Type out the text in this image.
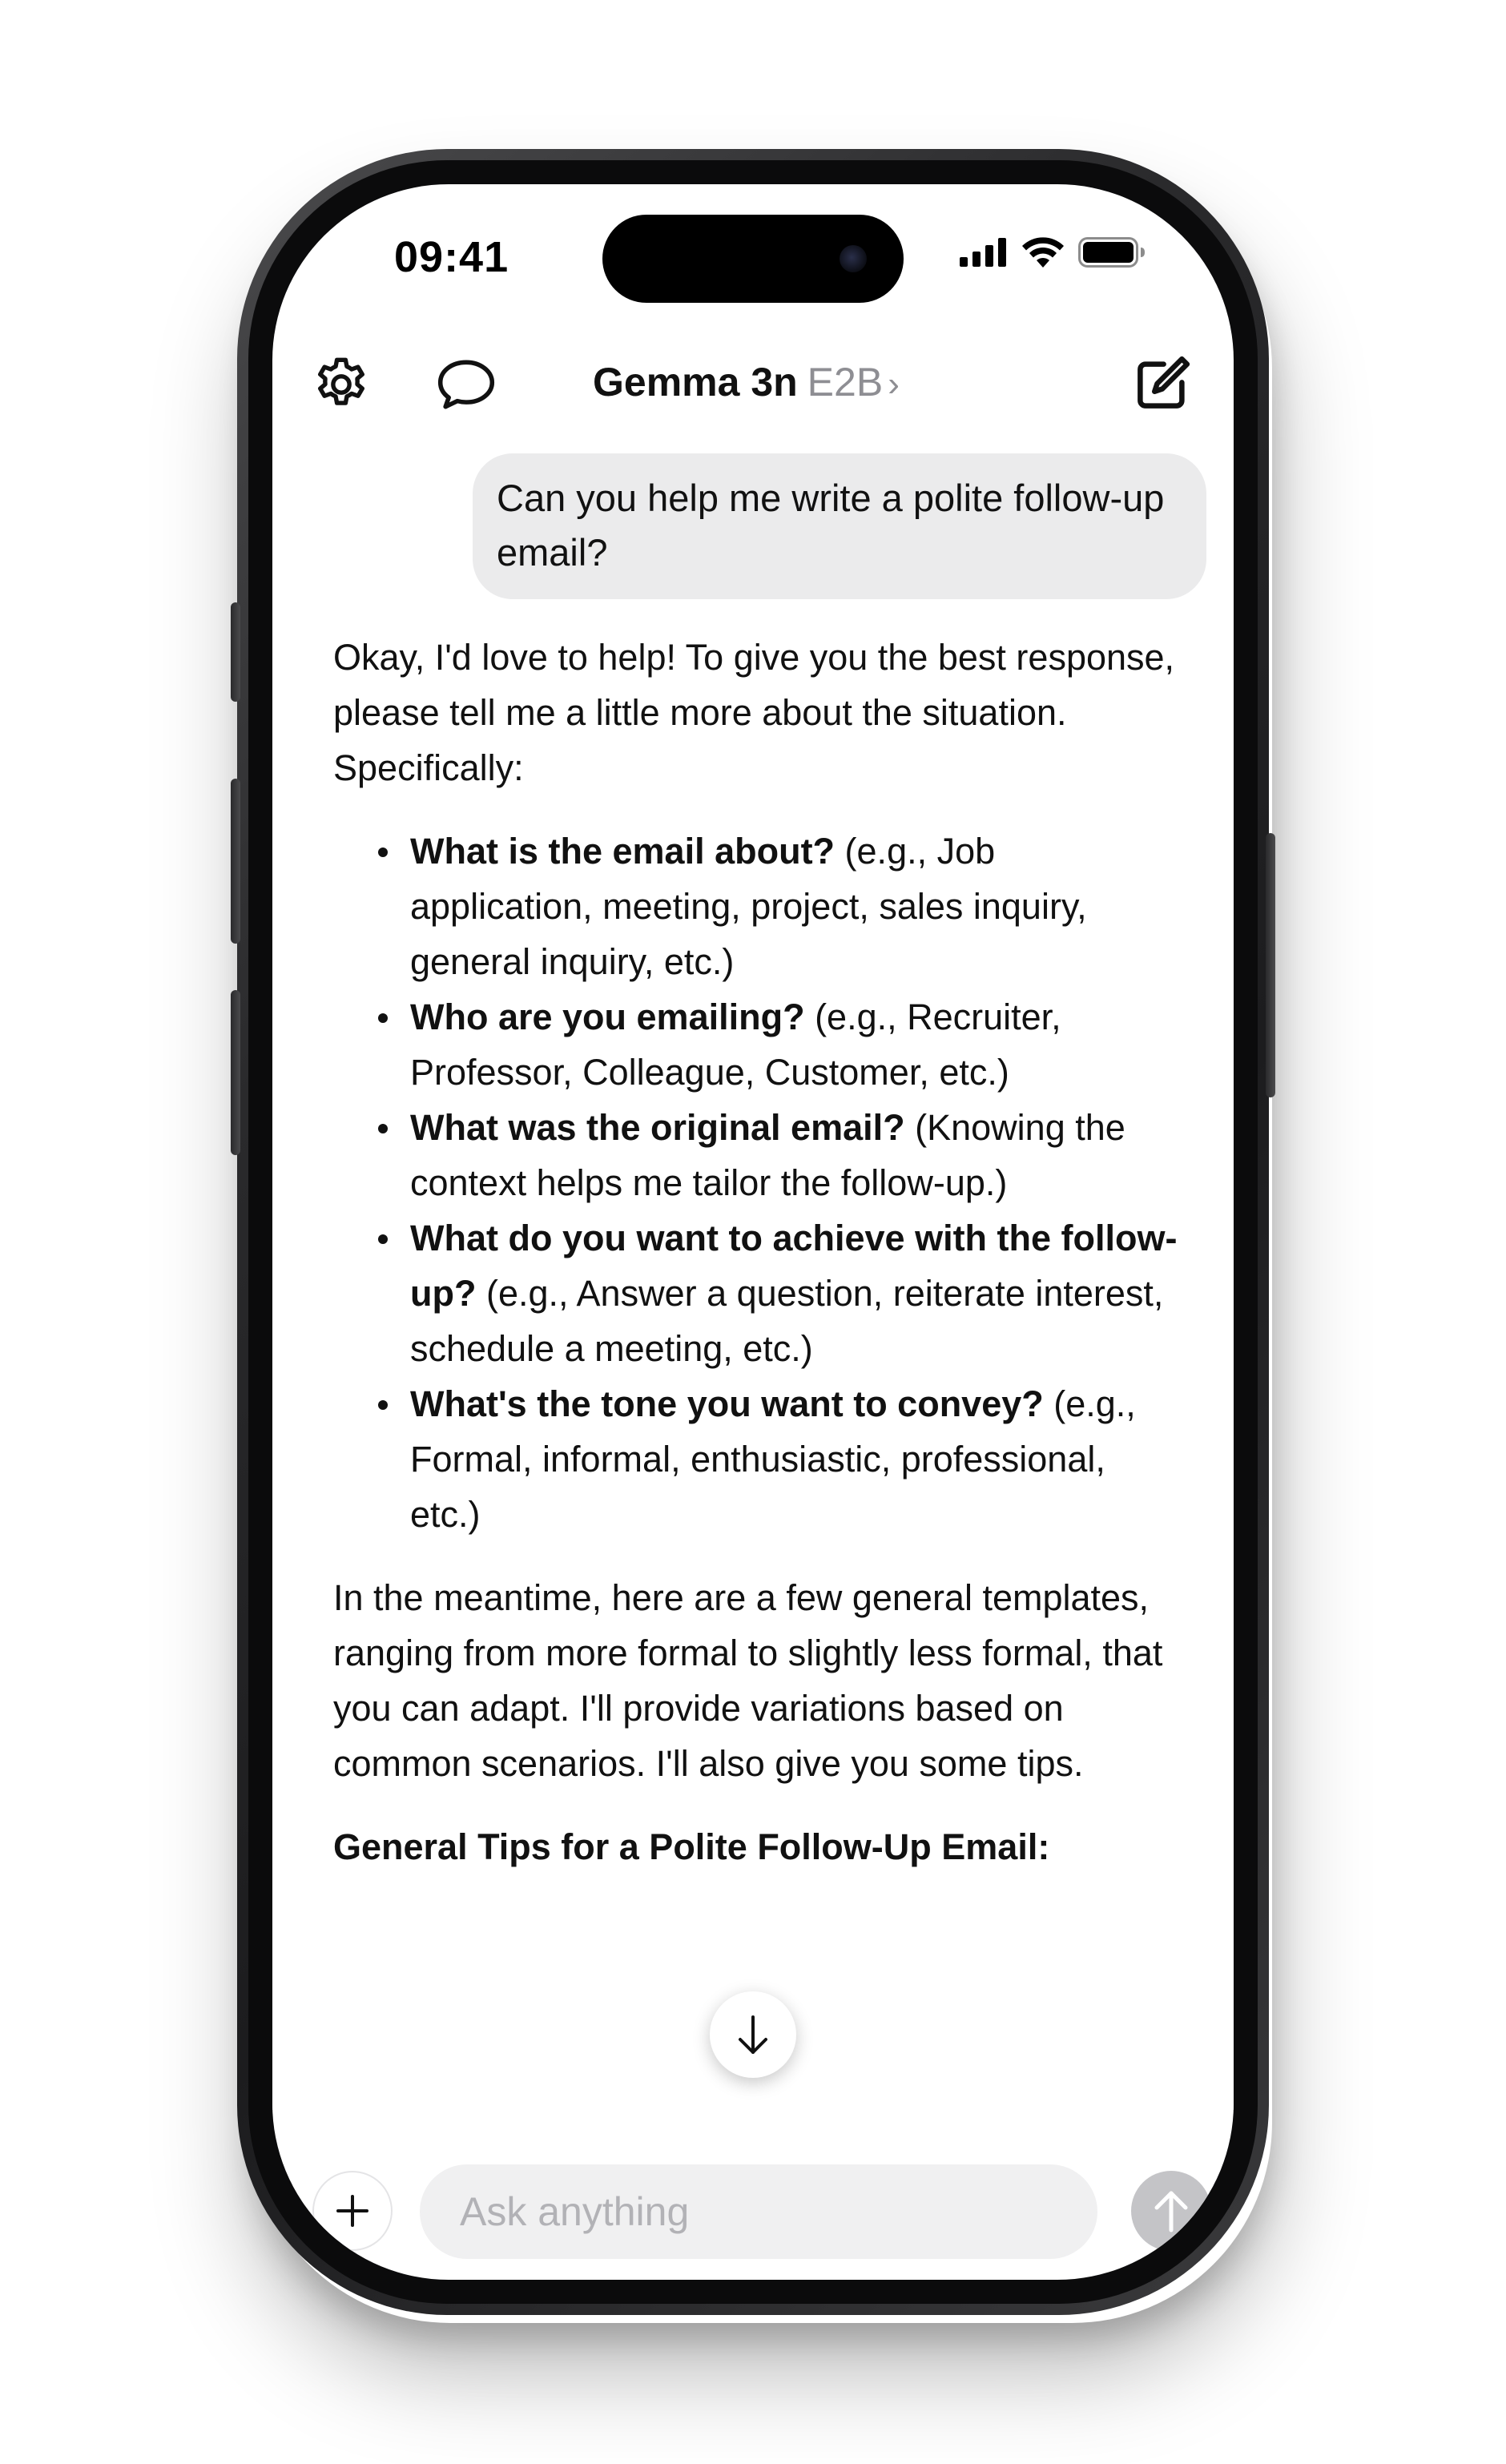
09:41
Gemma 3n E2B ›
Can you help me write a polite follow-up email?

Okay, I'd love to help! To give you the best response, please tell me a little more about the situation. Specifically:

What is the email about? (e.g., Job application, meeting, project, sales inquiry, general inquiry, etc.)
Who are you emailing? (e.g., Recruiter, Professor, Colleague, Customer, etc.)
What was the original email? (Knowing the context helps me tailor the follow-up.)
What do you want to achieve with the follow-up? (e.g., Answer a question, reiterate interest, schedule a meeting, etc.)
What's the tone you want to convey? (e.g., Formal, informal, enthusiastic, professional, etc.)

In the meantime, here are a few general templates, ranging from more formal to slightly less formal, that you can adapt. I'll provide variations based on common scenarios. I'll also give you some tips.

General Tips for a Polite Follow-Up Email:

Ask anything
